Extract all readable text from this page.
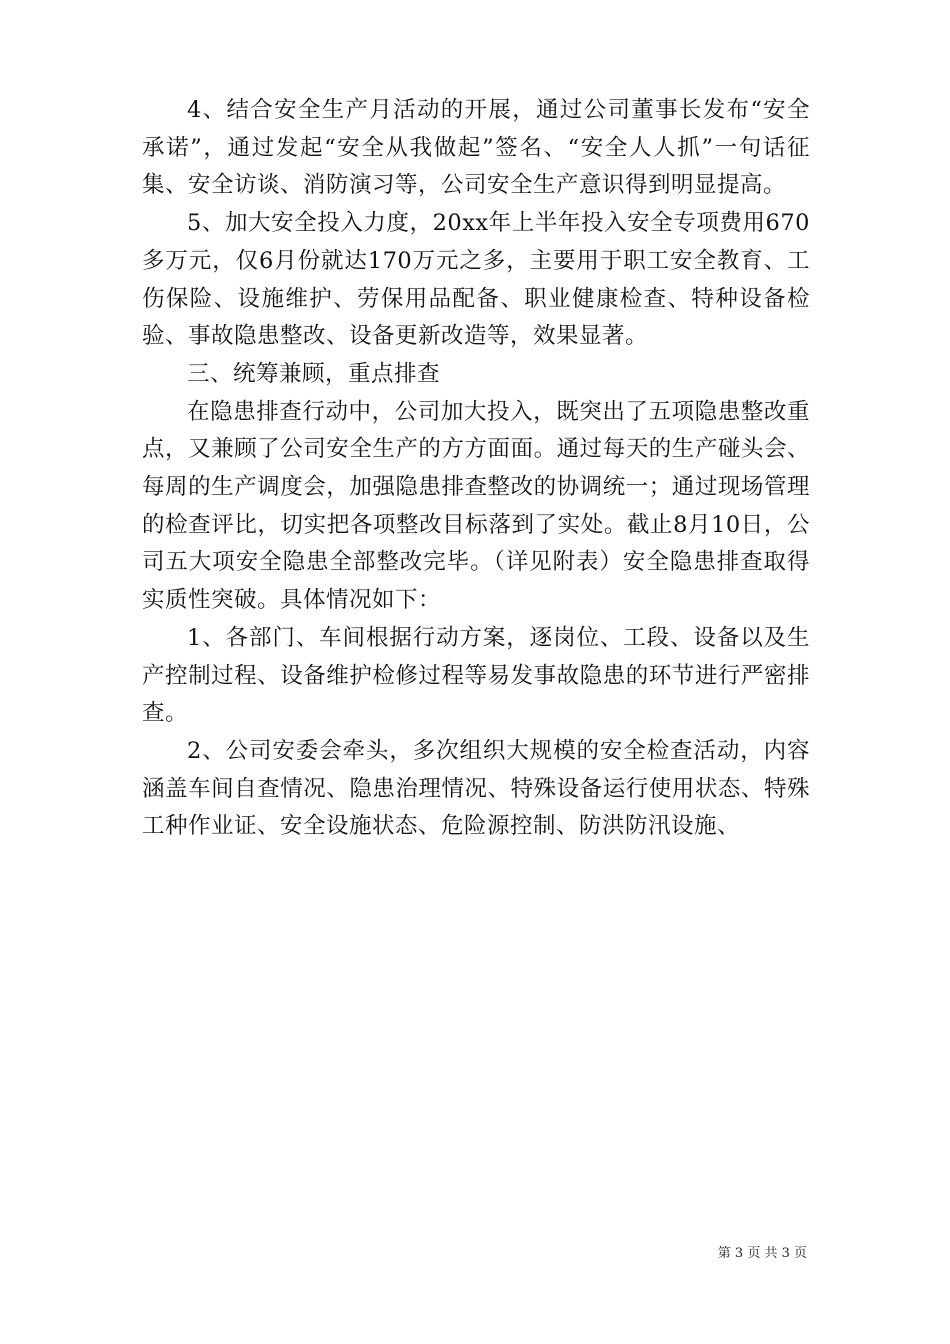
4、结合安全生产月活动的开展，通过公司董事长发布“安全承诺”，通过发起“安全从我做起”签名、“安全人人抓”一句话征集、安全访谈、消防演习等，公司安全生产意识得到明显提高。

5、加大安全投入力度，20xx年上半年投入安全专项费用670多万元，仅6月份就达170万元之多，主要用于职工安全教育、工伤保险、设施维护、劳保用品配备、职业健康检查、特种设备检验、事故隐患整改、设备更新改造等，效果显著。

三、统筹兼顾，重点排查

在隐患排查行动中，公司加大投入，既突出了五项隐患整改重点，又兼顾了公司安全生产的方方面面。通过每天的生产碰头会、每周的生产调度会，加强隐患排查整改的协调统一；通过现场管理的检查评比，切实把各项整改目标落到了实处。截止8月10日，公司五大项安全隐患全部整改完毕。（详见附表）安全隐患排查取得实质性突破。具体情况如下：

1、各部门、车间根据行动方案，逐岗位、工段、设备以及生产控制过程、设备维护检修过程等易发事故隐患的环节进行严密排查。

2、公司安委会牵头，多次组织大规模的安全检查活动，内容涵盖车间自查情况、隐患治理情况、特殊设备运行使用状态、特殊工种作业证、安全设施状态、危险源控制、防洪防汛设施、

第 3 页 共 3 页
